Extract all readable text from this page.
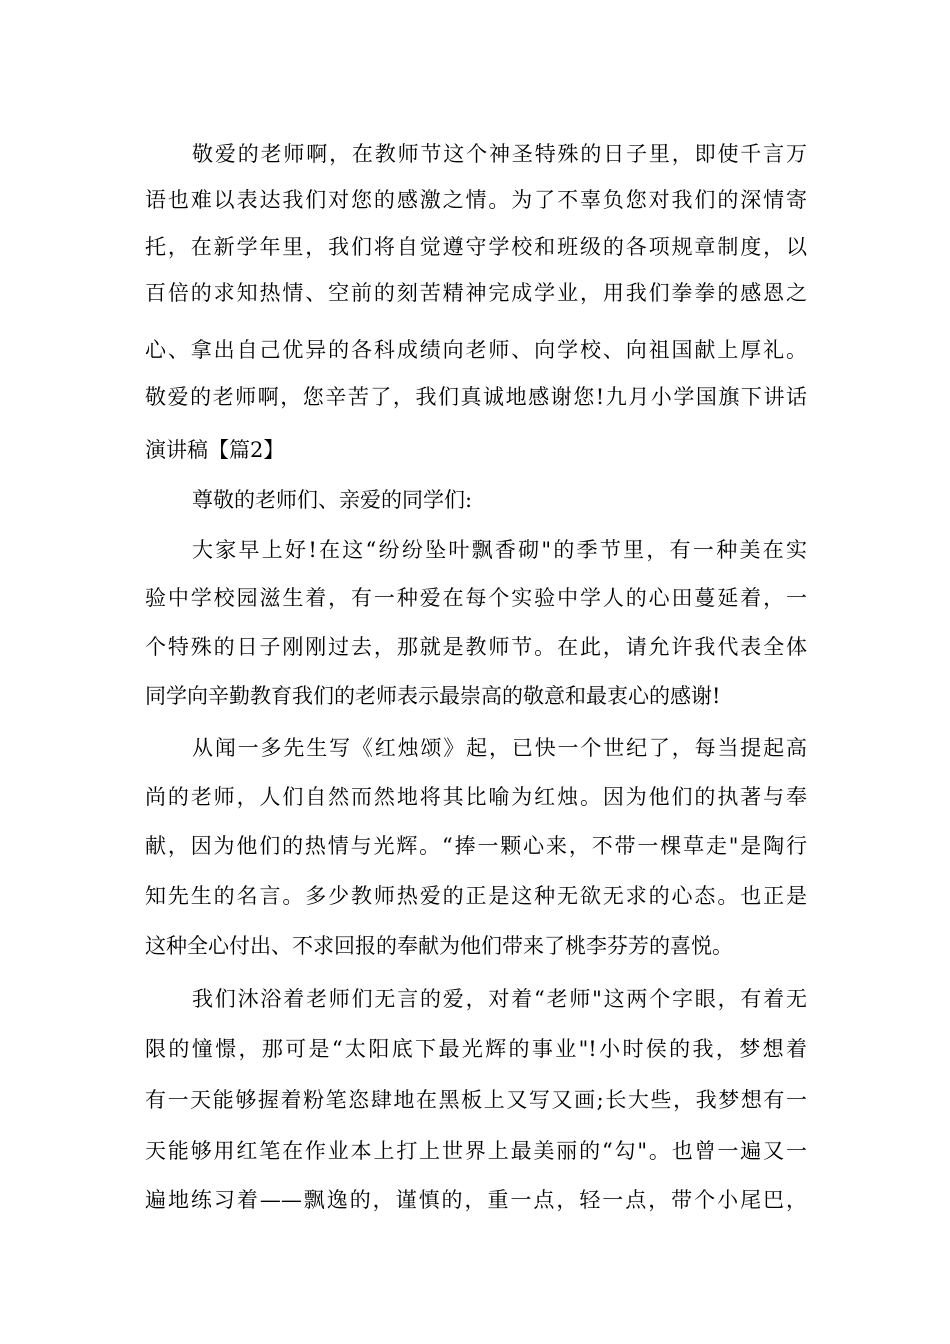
敬爱的老师啊，在教师节这个神圣特殊的日子里，即使千言万
语也难以表达我们对您的感激之情。为了不辜负您对我们的深情寄
托，在新学年里，我们将自觉遵守学校和班级的各项规章制度，以
百倍的求知热情、空前的刻苦精神完成学业，用我们拳拳的感恩之
心、拿出自己优异的各科成绩向老师、向学校、向祖国献上厚礼。
敬爱的老师啊，您辛苦了，我们真诚地感谢您!九月小学国旗下讲话
演讲稿【篇2】
尊敬的老师们、亲爱的同学们:
大家早上好!在这“纷纷坠叶飘香砌"的季节里，有一种美在实
验中学校园滋生着，有一种爱在每个实验中学人的心田蔓延着，一
个特殊的日子刚刚过去，那就是教师节。在此，请允许我代表全体
同学向辛勤教育我们的老师表示最崇高的敬意和最衷心的感谢!
从闻一多先生写《红烛颂》起，已快一个世纪了，每当提起高
尚的老师，人们自然而然地将其比喻为红烛。因为他们的执著与奉
献，因为他们的热情与光辉。“捧一颗心来，不带一棵草走"是陶行
知先生的名言。多少教师热爱的正是这种无欲无求的心态。也正是
这种全心付出、不求回报的奉献为他们带来了桃李芬芳的喜悦。
我们沐浴着老师们无言的爱，对着“老师"这两个字眼，有着无
限的憧憬，那可是“太阳底下最光辉的事业"!小时侯的我，梦想着
有一天能够握着粉笔恣肆地在黑板上又写又画;长大些，我梦想有一
天能够用红笔在作业本上打上世界上最美丽的“勾"。也曾一遍又一
遍地练习着——飘逸的，谨慎的，重一点，轻一点，带个小尾巴，
